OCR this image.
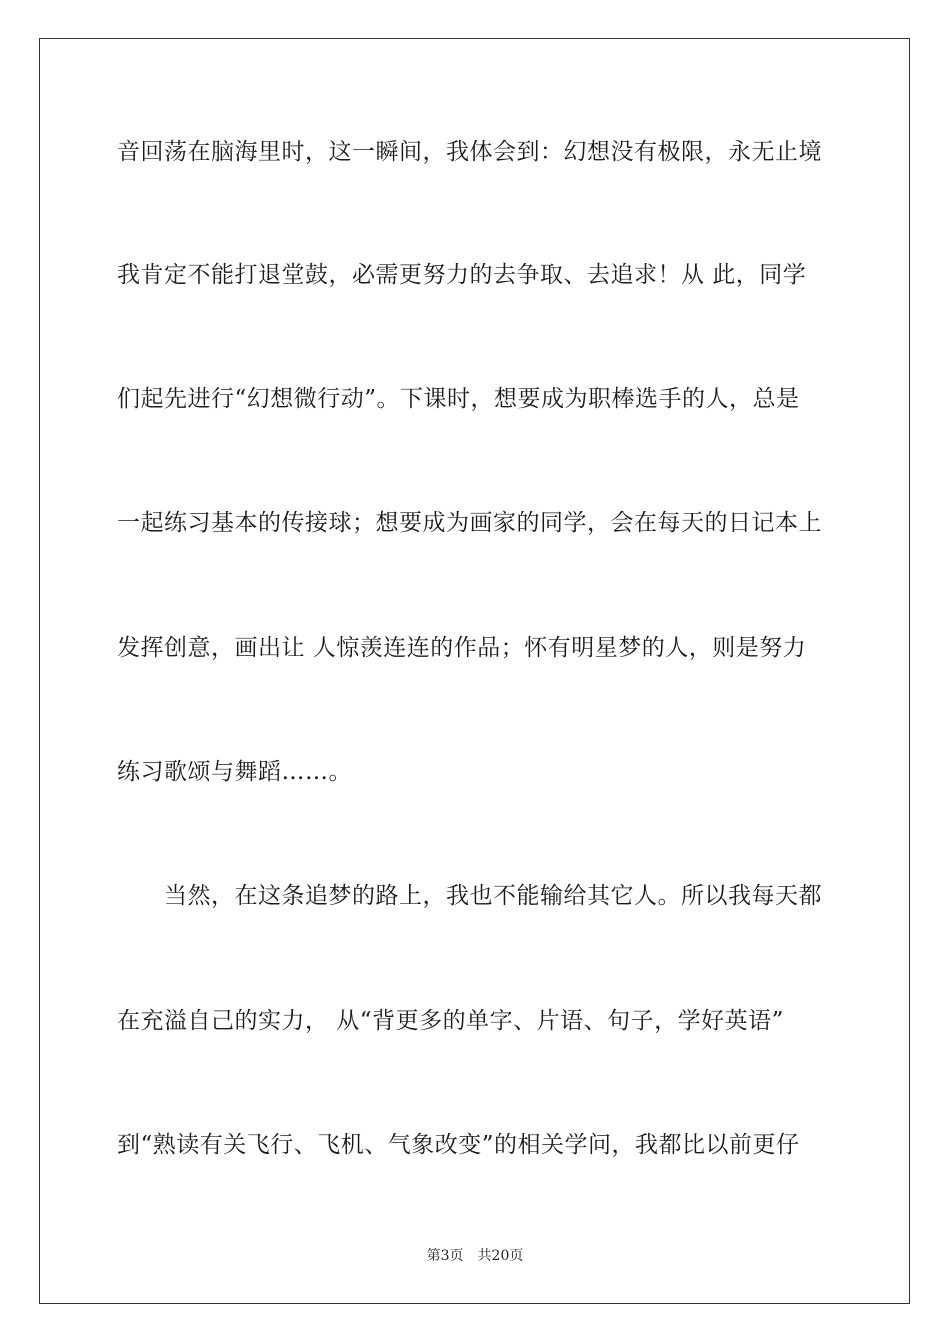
音回荡在脑海里时，这一瞬间，我体会到：幻想没有极限，永无止境
我肯定不能打退堂鼓，必需更努力的去争取、去追求！从 此，同学
们起先进行“幻想微行动”。下课时，想要成为职棒选手的人，总是
一起练习基本的传接球；想要成为画家的同学，会在每天的日记本上
发挥创意，画出让 人惊羡连连的作品；怀有明星梦的人，则是努力
练习歌颂与舞蹈……。
当然，在这条追梦的路上，我也不能输给其它人。所以我每天都
在充溢自己的实力， 从“背更多的单字、片语、句子，学好英语”
到“熟读有关飞行、飞机、气象改变”的相关学问，我都比以前更仔
第3页 共20页
